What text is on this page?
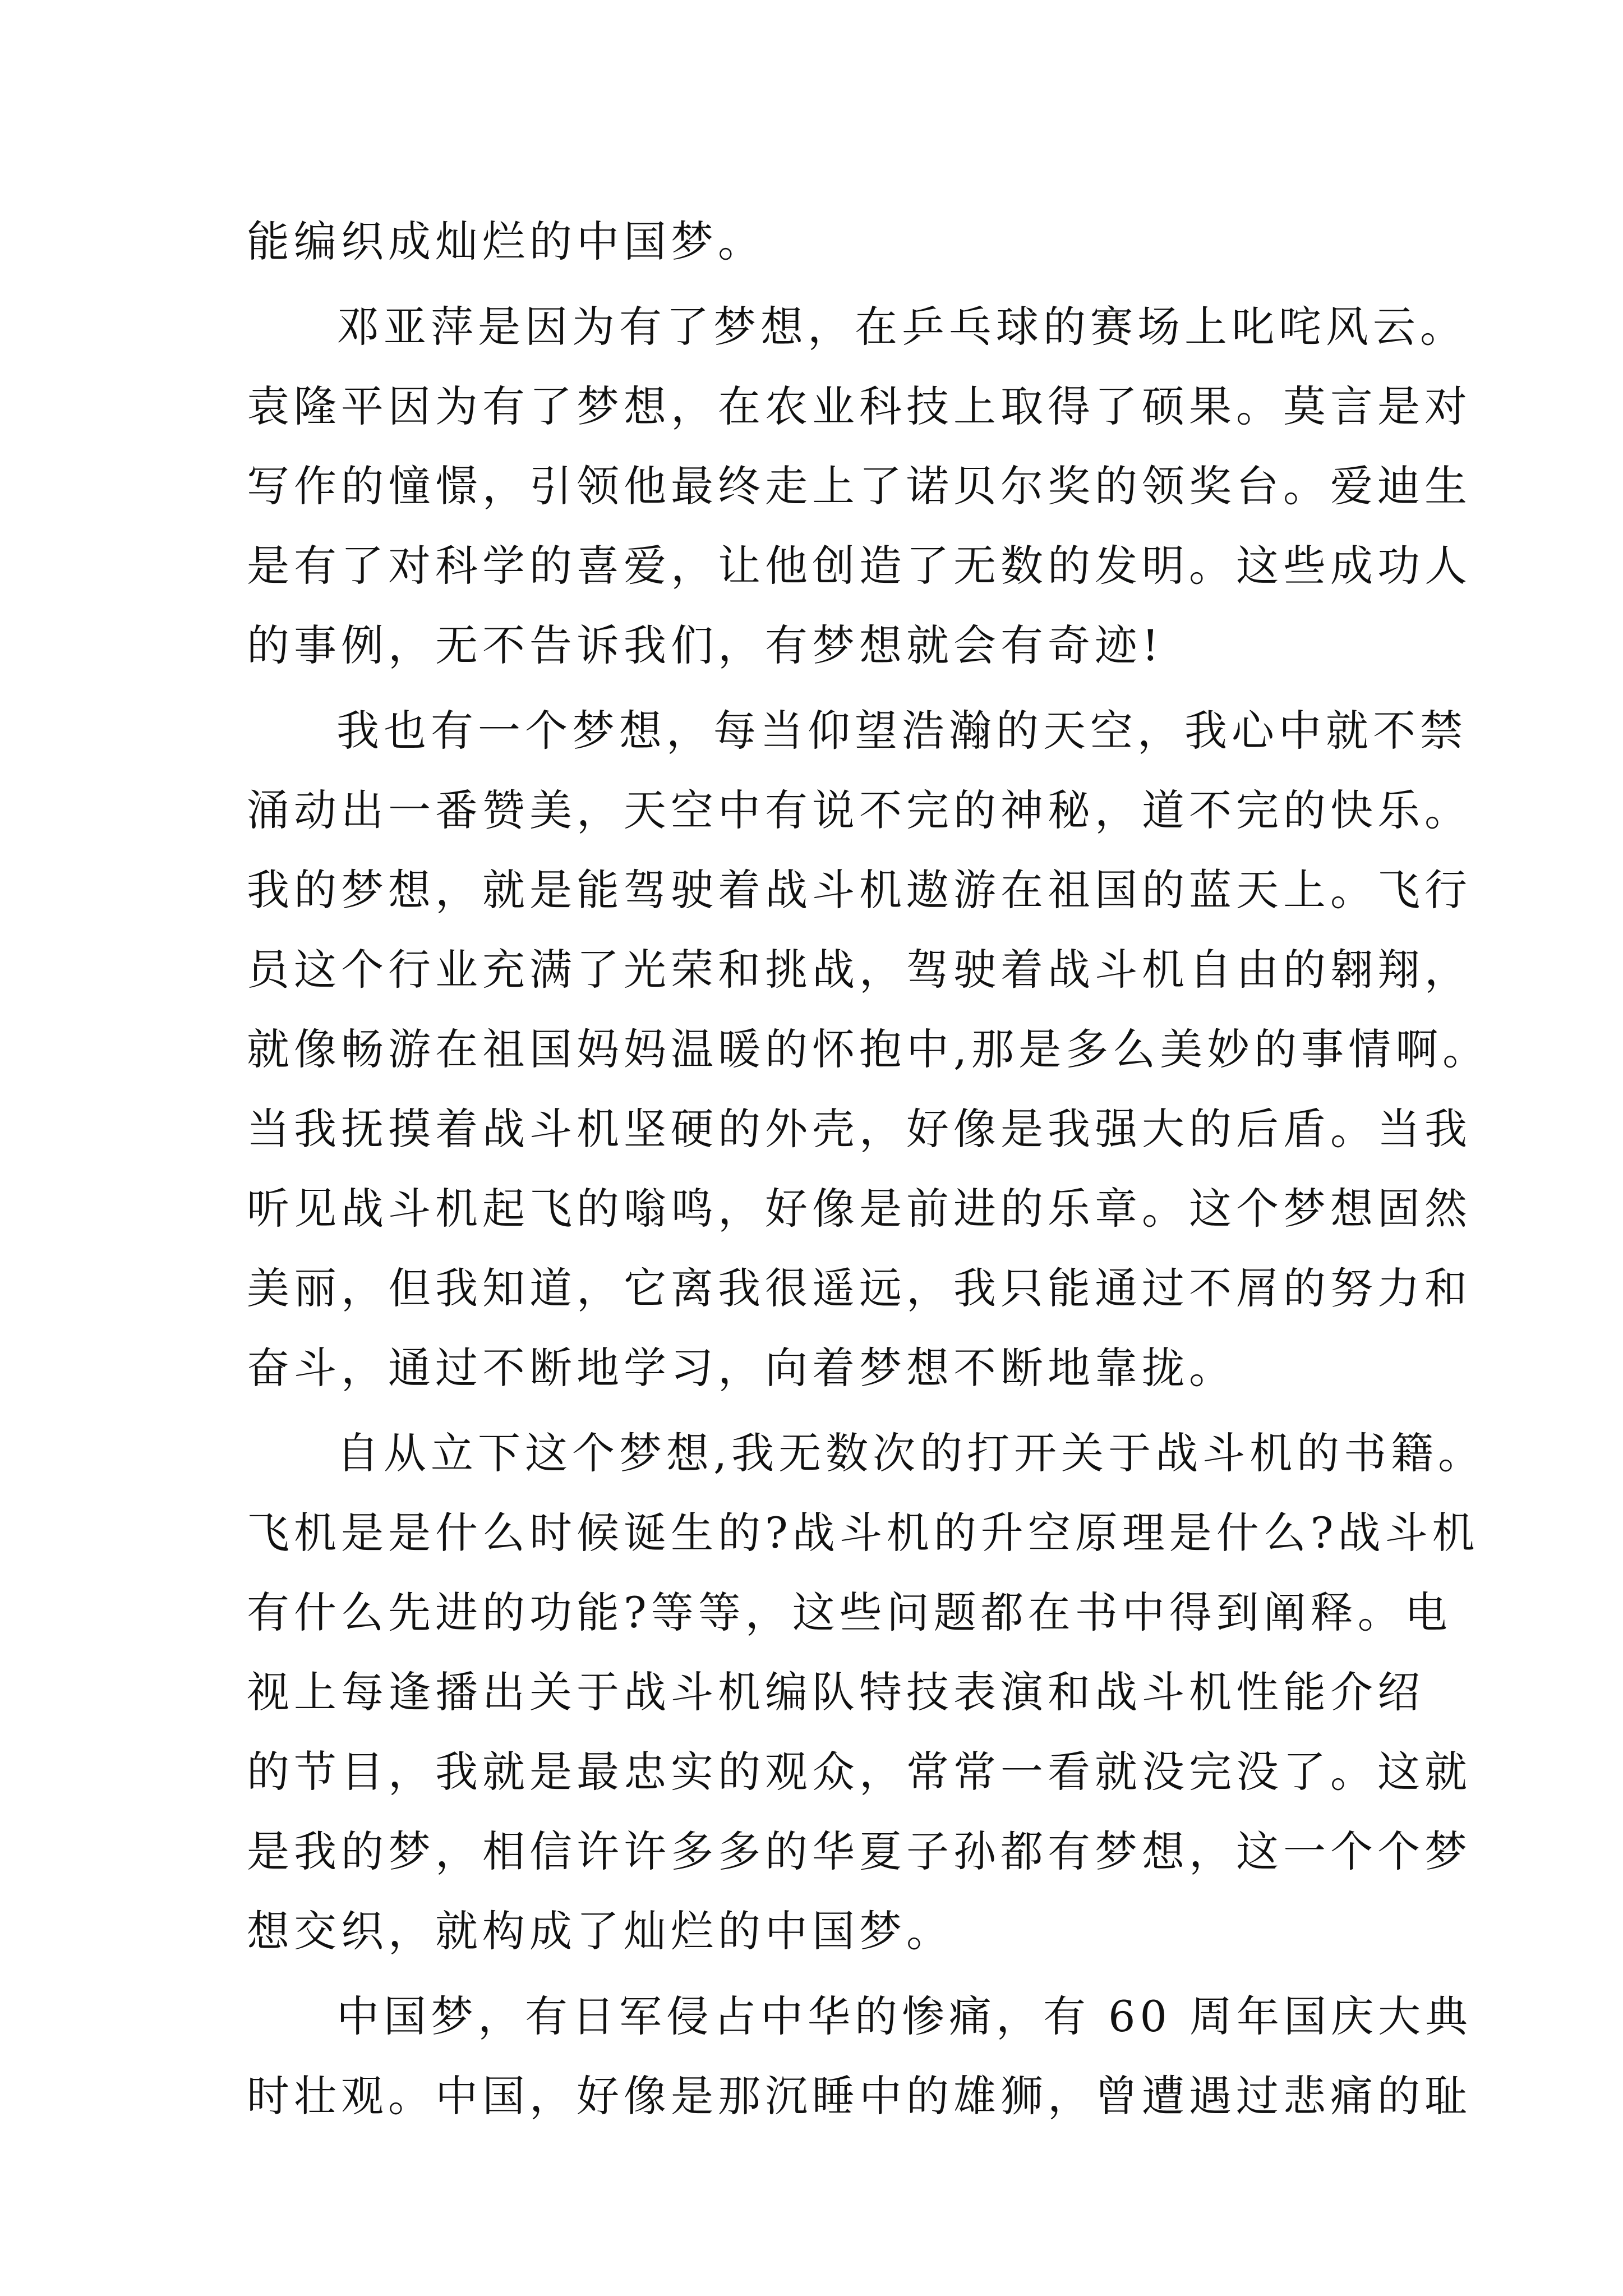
能编织成灿烂的中国梦。
邓亚萍是因为有了梦想，在乒乓球的赛场上叱咤风云。
袁隆平因为有了梦想，在农业科技上取得了硕果。莫言是对
写作的憧憬，引领他最终走上了诺贝尔奖的领奖台。爱迪生
是有了对科学的喜爱，让他创造了无数的发明。这些成功人
的事例，无不告诉我们，有梦想就会有奇迹!
我也有一个梦想，每当仰望浩瀚的天空，我心中就不禁
涌动出一番赞美，天空中有说不完的神秘，道不完的快乐。
我的梦想，就是能驾驶着战斗机遨游在祖国的蓝天上。飞行
员这个行业充满了光荣和挑战，驾驶着战斗机自由的翱翔，
就像畅游在祖国妈妈温暖的怀抱中,那是多么美妙的事情啊。
当我抚摸着战斗机坚硬的外壳，好像是我强大的后盾。当我
听见战斗机起飞的嗡鸣，好像是前进的乐章。这个梦想固然
美丽，但我知道，它离我很遥远，我只能通过不屑的努力和
奋斗，通过不断地学习，向着梦想不断地靠拢。
自从立下这个梦想,我无数次的打开关于战斗机的书籍。
飞机是是什么时候诞生的?战斗机的升空原理是什么?战斗机
有什么先进的功能?等等，这些问题都在书中得到阐释。电
视上每逢播出关于战斗机编队特技表演和战斗机性能介绍
的节目，我就是最忠实的观众，常常一看就没完没了。这就
是我的梦，相信许许多多的华夏子孙都有梦想，这一个个梦
想交织，就构成了灿烂的中国梦。
中国梦，有日军侵占中华的惨痛，有 60 周年国庆大典
时壮观。中国，好像是那沉睡中的雄狮，曾遭遇过悲痛的耻
